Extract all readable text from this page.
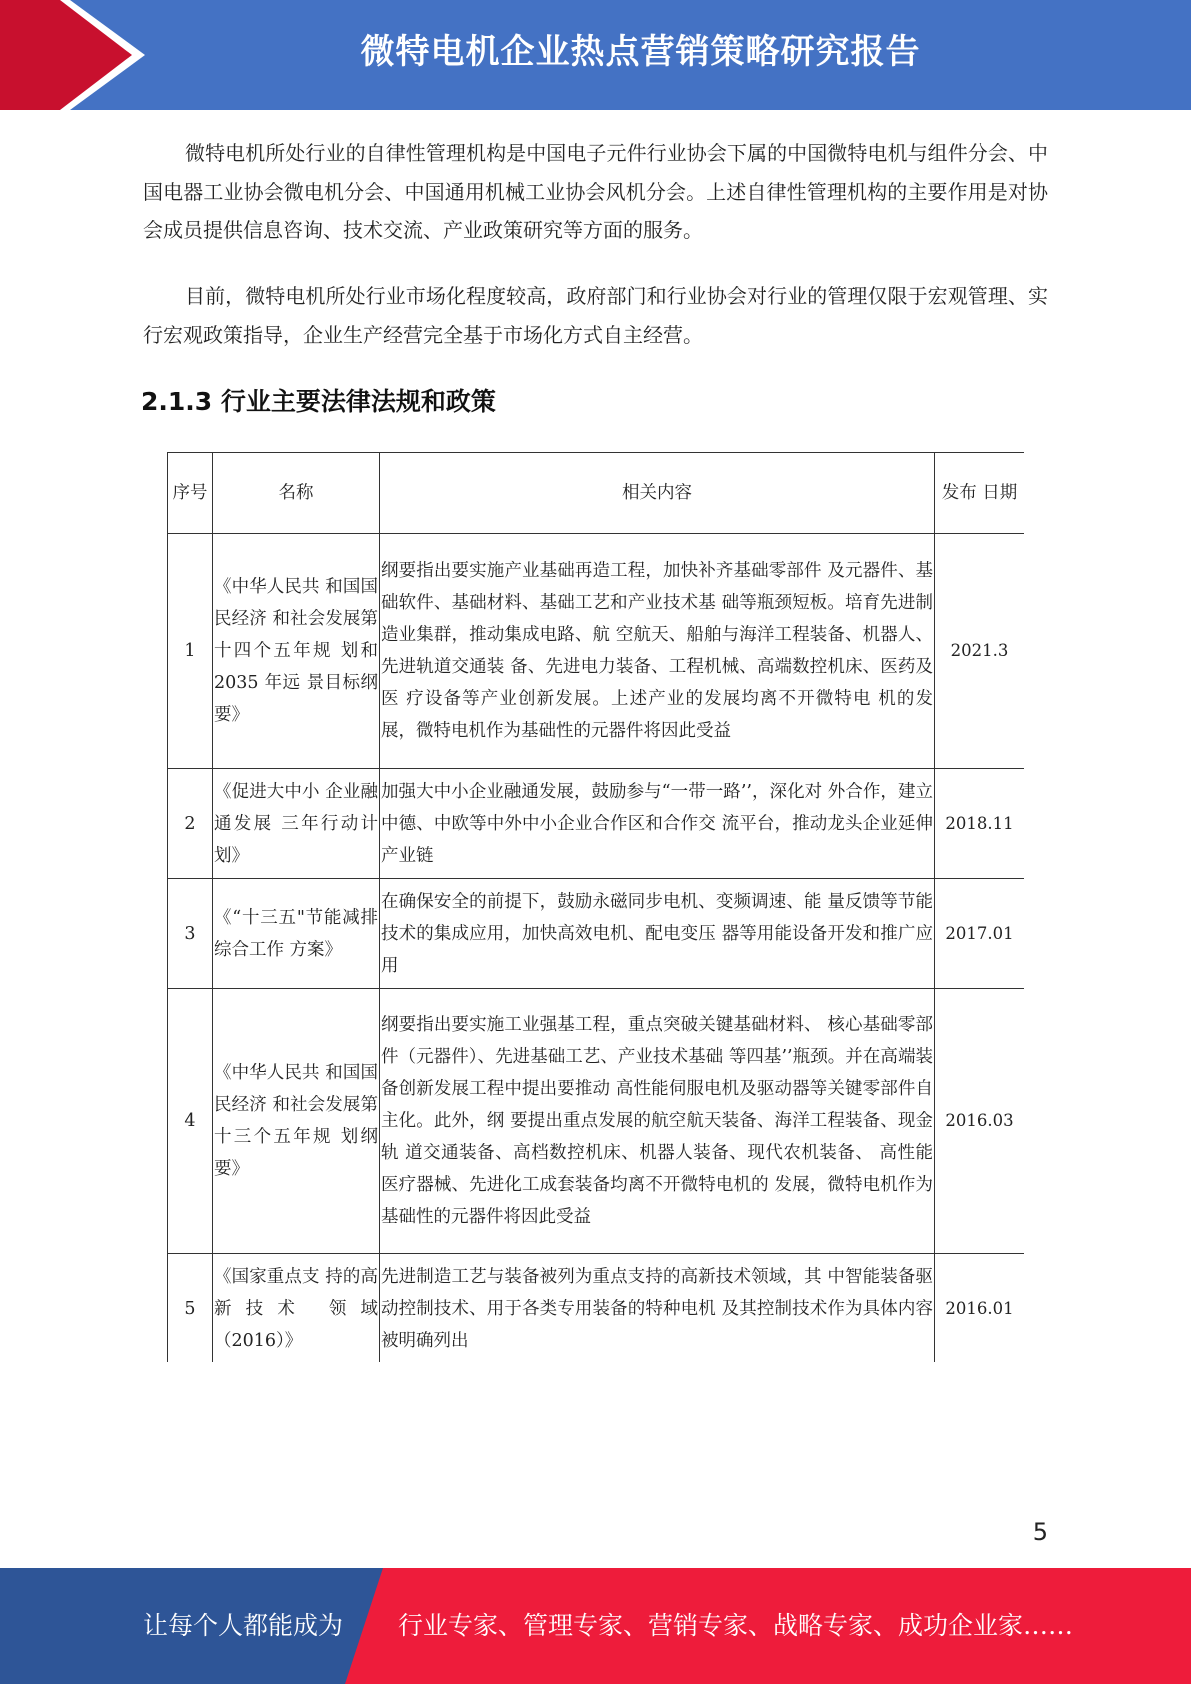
微特电机企业热点营销策略研究报告

微特电机所处行业的自律性管理机构是中国电子元件行业协会下属的中国微特电机与组件分会、中国电器工业协会微电机分会、中国通用机械工业协会风机分会。上述自律性管理机构的主要作用是对协会成员提供信息咨询、技术交流、产业政策研究等方面的服务。

目前，微特电机所处行业市场化程度较高，政府部门和行业协会对行业的管理仅限于宏观管理、实行宏观政策指导，企业生产经营完全基于市场化方式自主经营。

2.1.3 行业主要法律法规和政策
序号	名称	相关内容	发布 日期
1	《中华人民共 和国国民经济 和社会发展第 十四个五年规 划和 2035 年远 景目标纲要》	纲要指出要实施产业基础再造工程，加快补齐基础零部件 及元器件、基础软件、基础材料、基础工艺和产业技术基 础等瓶颈短板。培育先进制造业集群，推动集成电路、航 空航天、船舶与海洋工程装备、机器人、先进轨道交通装 备、先进电力装备、工程机械、高端数控机床、医药及医 疗设备等产业创新发展。上述产业的发展均离不开微特电 机的发展，微特电机作为基础性的元器件将因此受益	2021.3
2	《促进大中小 企业融通发展 三年行动计划》	加强大中小企业融通发展，鼓励参与“一带一路’’，深化对 外合作，建立中德、中欧等中外中小企业合作区和合作交 流平台，推动龙头企业延伸产业链	2018.11
3	《“十三五"节能减排综合工作 方案》	在确保安全的前提下，鼓励永磁同步电机、变频调速、能 量反馈等节能技术的集成应用，加快高效电机、配电变压 器等用能设备开发和推广应用	2017.01
4	《中华人民共 和国国民经济 和社会发展第 十三个五年规 划纲要》	纲要指出要实施工业强基工程，重点突破关键基础材料、 核心基础零部件（元器件）、先进基础工艺、产业技术基础 等四基’’瓶颈。并在高端装备创新发展工程中提出要推动 高性能伺服电机及驱动器等关键零部件自主化。此外，纲 要提出重点发展的航空航天装备、海洋工程装备、现金轨 道交通装备、高档数控机床、机器人装备、现代农机装备、 高性能医疗器械、先进化工成套装备均离不开微特电机的 发展，微特电机作为基础性的元器件将因此受益	2016.03
5	《国家重点支 持的高新技术 领域（2016）》	先进制造工艺与装备被列为重点支持的高新技术领域，其 中智能装备驱动控制技术、用于各类专用装备的特种电机 及其控制技术作为具体内容被明确列出	2016.01
5
让每个人都能成为 行业专家、管理专家、营销专家、战略专家、成功企业家……
